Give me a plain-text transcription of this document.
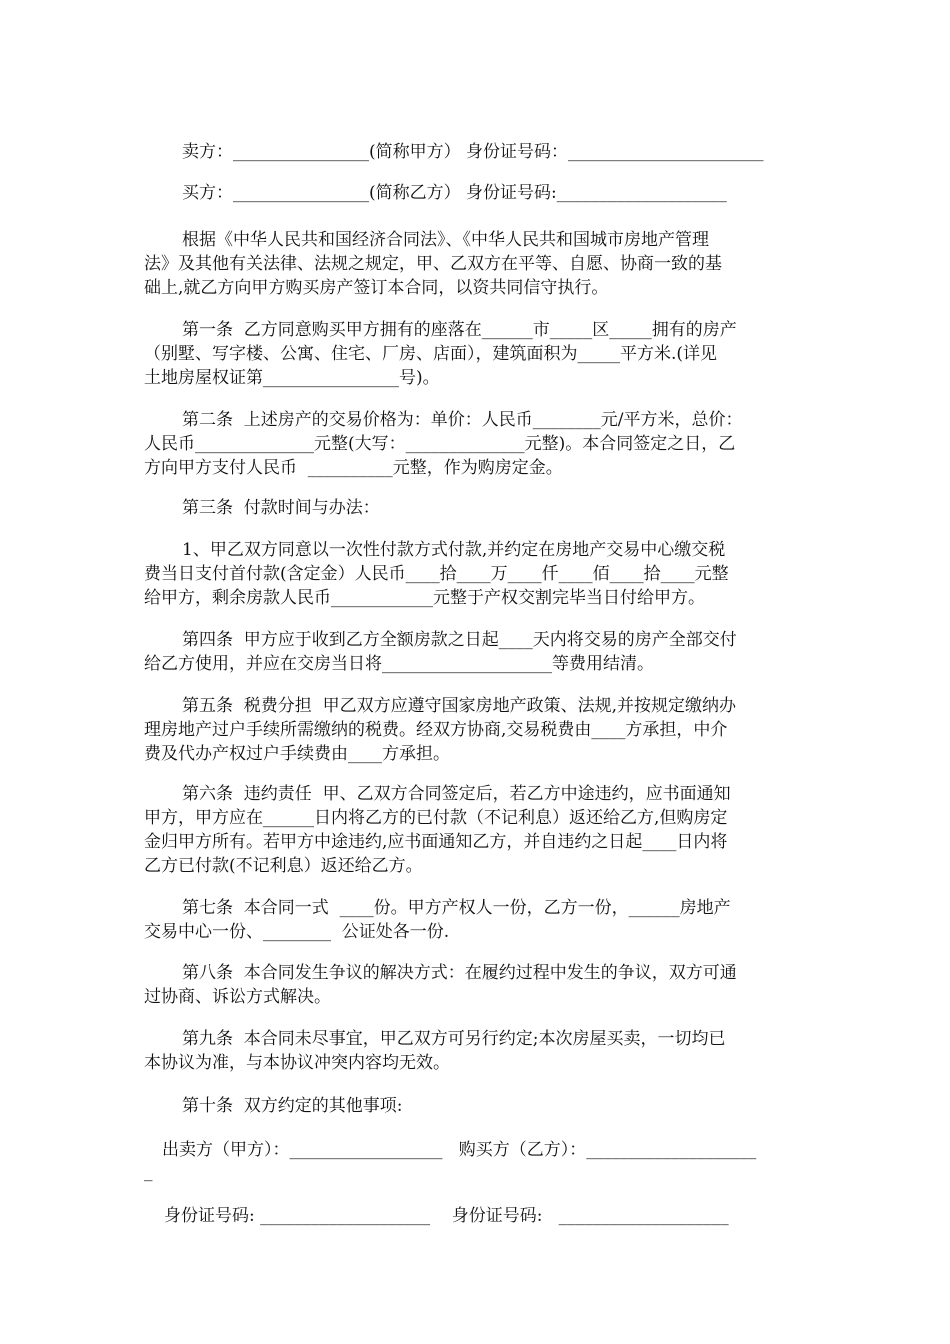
卖方：________________(简称甲方） 身份证号码：_______________________
买方：________________(简称乙方） 身份证号码:____________________
根据《中华人民共和国经济合同法》、《中华人民共和国城市房地产管理
法》及其他有关法律、法规之规定，甲、乙双方在平等、自愿、协商一致的基
础上,就乙方向甲方购买房产签订本合同，以资共同信守执行。
第一条  乙方同意购买甲方拥有的座落在______市_____区_____拥有的房产
（别墅、写字楼、公寓、住宅、厂房、店面），建筑面积为_____平方米.(详见
土地房屋权证第________________号)。
第二条  上述房产的交易价格为：单价：人民币________元/平方米，总价：
人民币______________元整(大写：______________元整)。本合同签定之日，乙
方向甲方支付人民币  __________元整，作为购房定金。
第三条  付款时间与办法：
1、甲乙双方同意以一次性付款方式付款,并约定在房地产交易中心缴交税
费当日支付首付款(含定金）人民币____拾____万____仟____佰____拾____元整
给甲方，剩余房款人民币____________元整于产权交割完毕当日付给甲方。
第四条  甲方应于收到乙方全额房款之日起____天内将交易的房产全部交付
给乙方使用，并应在交房当日将____________________等费用结清。
第五条  税费分担  甲乙双方应遵守国家房地产政策、法规,并按规定缴纳办
理房地产过户手续所需缴纳的税费。经双方协商,交易税费由____方承担，中介
费及代办产权过户手续费由____方承担。
第六条  违约责任  甲、乙双方合同签定后，若乙方中途违约，应书面通知
甲方，甲方应在______日内将乙方的已付款（不记利息）返还给乙方,但购房定
金归甲方所有。若甲方中途违约,应书面通知乙方，并自违约之日起____日内将
乙方已付款(不记利息）返还给乙方。
第七条  本合同一式  ____份。甲方产权人一份，乙方一份，______房地产
交易中心一份、________  公证处各一份.
第八条  本合同发生争议的解决方式：在履约过程中发生的争议，双方可通
过协商、诉讼方式解决。
第九条  本合同未尽事宜，甲乙双方可另行约定;本次房屋买卖，一切均已
本协议为准，与本协议冲突内容均无效。
第十条  双方约定的其他事项:
出卖方（甲方）：__________________   购买方（乙方）：____________________
_
身份证号码: ____________________    身份证号码:   ____________________
